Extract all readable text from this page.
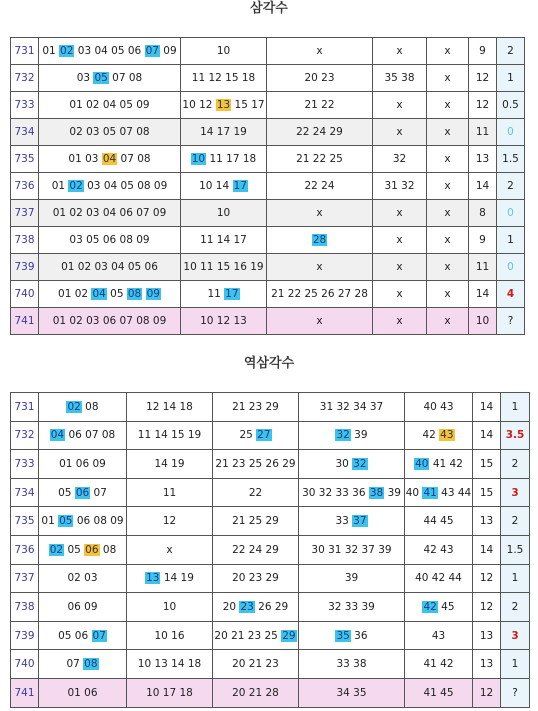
삼각수
731	01 02 03 04 05 06 07 09	10	x	x	x	9	2
732	03 05 07 08	11 12 15 18	20 23	35 38	x	12	1
733	01 02 04 05 09	10 12 13 15 17	21 22	x	x	12	0.5
734	02 03 05 07 08	14 17 19	22 24 29	x	x	11	0
735	01 03 04 07 08	10 11 17 18	21 22 25	32	x	13	1.5
736	01 02 03 04 05 08 09	10 14 17	22 24	31 32	x	14	2
737	01 02 03 04 06 07 09	10	x	x	x	8	0
738	03 05 06 08 09	11 14 17	28	x	x	9	1
739	01 02 03 04 05 06	10 11 15 16 19	x	x	x	11	0
740	01 02 04 05 08 09	11 17	21 22 25 26 27 28	x	x	14	4
741	01 02 03 06 07 08 09	10 12 13	x	x	x	10	?
역삼각수
731	02 08	12 14 18	21 23 29	31 32 34 37	40 43	14	1
732	04 06 07 08	11 14 15 19	25 27	32 39	42 43	14	3.5
733	01 06 09	14 19	21 23 25 26 29	30 32	40 41 42	15	2
734	05 06 07	11	22	30 32 33 36 38 39	40 41 43 44	15	3
735	01 05 06 08 09	12	21 25 29	33 37	44 45	13	2
736	02 05 06 08	x	22 24 29	30 31 32 37 39	42 43	14	1.5
737	02 03	13 14 19	20 23 29	39	40 42 44	12	1
738	06 09	10	20 23 26 29	32 33 39	42 45	12	2
739	05 06 07	10 16	20 21 23 25 29	35 36	43	13	3
740	07 08	10 13 14 18	20 21 23	33 38	41 42	13	1
741	01 06	10 17 18	20 21 28	34 35	41 45	12	?
